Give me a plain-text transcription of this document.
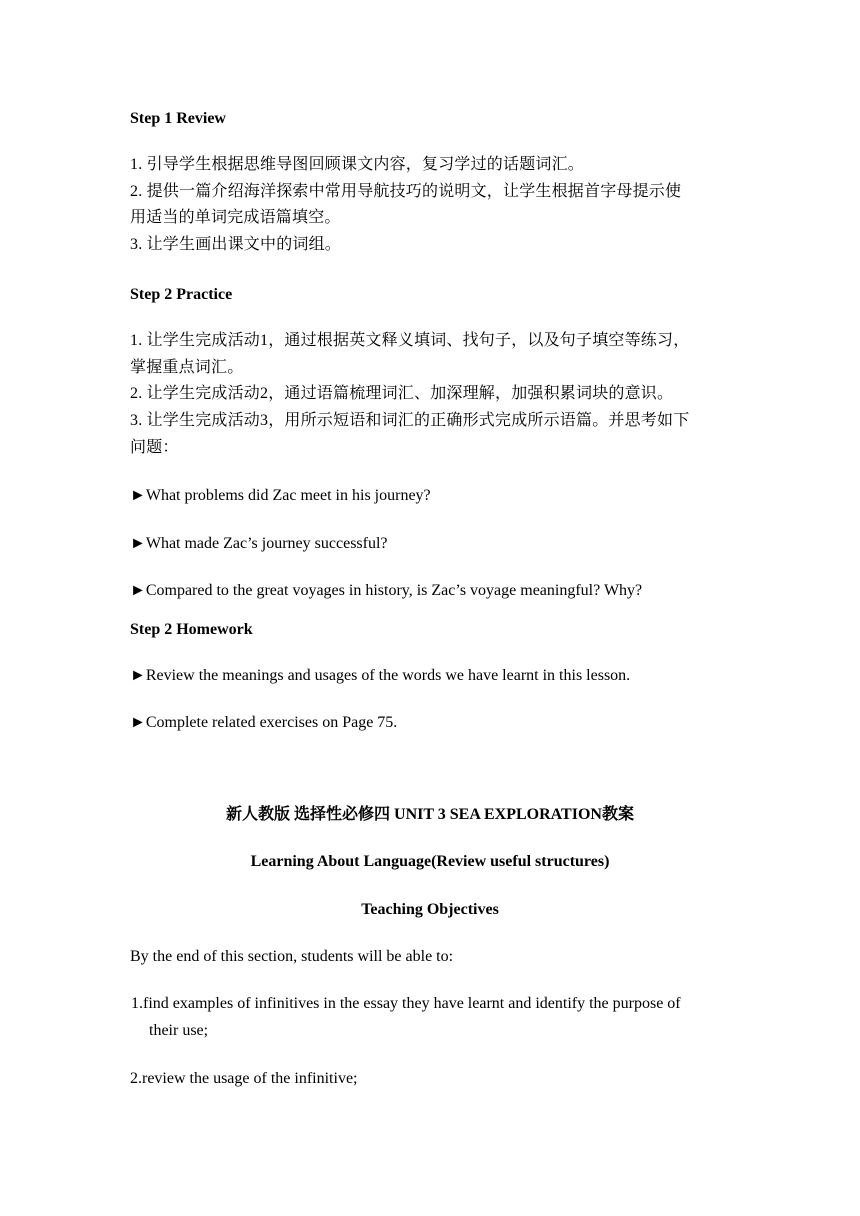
Step 1 Review
1. 引导学生根据思维导图回顾课文内容，复习学过的话题词汇。
2. 提供一篇介绍海洋探索中常用导航技巧的说明文，让学生根据首字母提示使
用适当的单词完成语篇填空。
3. 让学生画出课文中的词组。
Step 2 Practice
1. 让学生完成活动1，通过根据英文释义填词、找句子，以及句子填空等练习，
掌握重点词汇。
2. 让学生完成活动2，通过语篇梳理词汇、加深理解，加强积累词块的意识。
3. 让学生完成活动3，用所示短语和词汇的正确形式完成所示语篇。并思考如下
问题：
►What problems did Zac meet in his journey?
►What made Zac’s journey successful?
►Compared to the great voyages in history, is Zac’s voyage meaningful? Why?
Step 2 Homework
►Review the meanings and usages of the words we have learnt in this lesson.
►Complete related exercises on Page 75.
新人教版 选择性必修四 UNIT 3 SEA EXPLORATION教案
Learning About Language(Review useful structures)
Teaching Objectives
By the end of this section, students will be able to:
1.find examples of infinitives in the essay they have learnt and identify the purpose of
their use;
2.review the usage of the infinitive;
